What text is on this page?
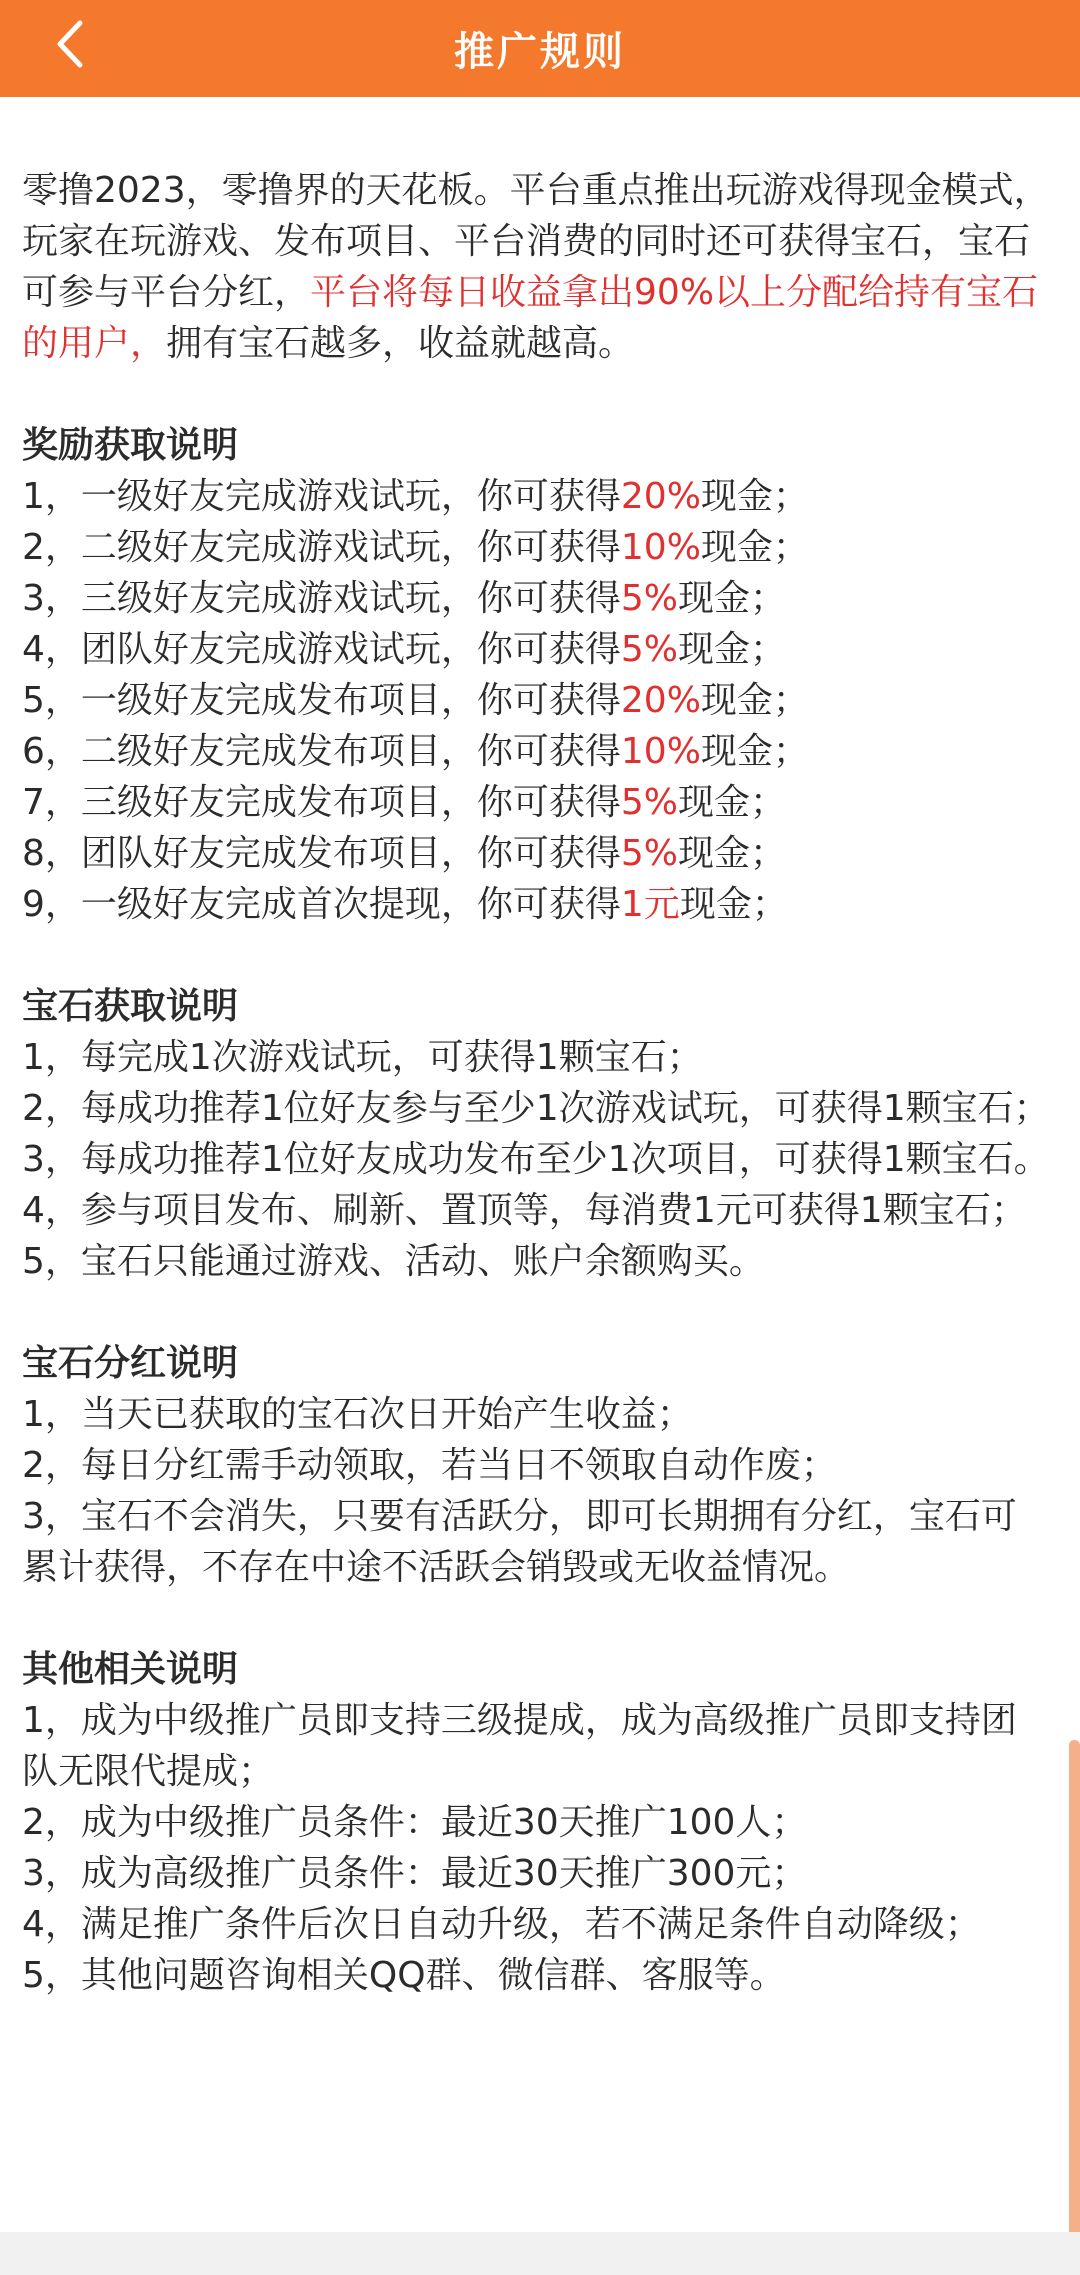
推广规则

零撸2023，零撸界的天花板。平台重点推出玩游戏得现金模式，玩家在玩游戏、发布项目、平台消费的同时还可获得宝石，宝石可参与平台分红，平台将每日收益拿出90%以上分配给持有宝石的用户，拥有宝石越多，收益就越高。

奖励获取说明

1，一级好友完成游戏试玩，你可获得20%现金；

2，二级好友完成游戏试玩，你可获得10%现金；

3，三级好友完成游戏试玩，你可获得5%现金；

4，团队好友完成游戏试玩，你可获得5%现金；

5，一级好友完成发布项目，你可获得20%现金；

6，二级好友完成发布项目，你可获得10%现金；

7，三级好友完成发布项目，你可获得5%现金；

8，团队好友完成发布项目，你可获得5%现金；

9，一级好友完成首次提现，你可获得1元现金；

宝石获取说明

1，每完成1次游戏试玩，可获得1颗宝石；

2，每成功推荐1位好友参与至少1次游戏试玩，可获得1颗宝石；

3，每成功推荐1位好友成功发布至少1次项目，可获得1颗宝石。

4，参与项目发布、刷新、置顶等，每消费1元可获得1颗宝石；

5，宝石只能通过游戏、活动、账户余额购买。

宝石分红说明

1，当天已获取的宝石次日开始产生收益；

2，每日分红需手动领取，若当日不领取自动作废；

3，宝石不会消失，只要有活跃分，即可长期拥有分红，宝石可累计获得，不存在中途不活跃会销毁或无收益情况。

其他相关说明

1，成为中级推广员即支持三级提成，成为高级推广员即支持团队无限代提成；

2，成为中级推广员条件：最近30天推广100人；

3，成为高级推广员条件：最近30天推广300元；

4，满足推广条件后次日自动升级，若不满足条件自动降级；

5，其他问题咨询相关QQ群、微信群、客服等。
